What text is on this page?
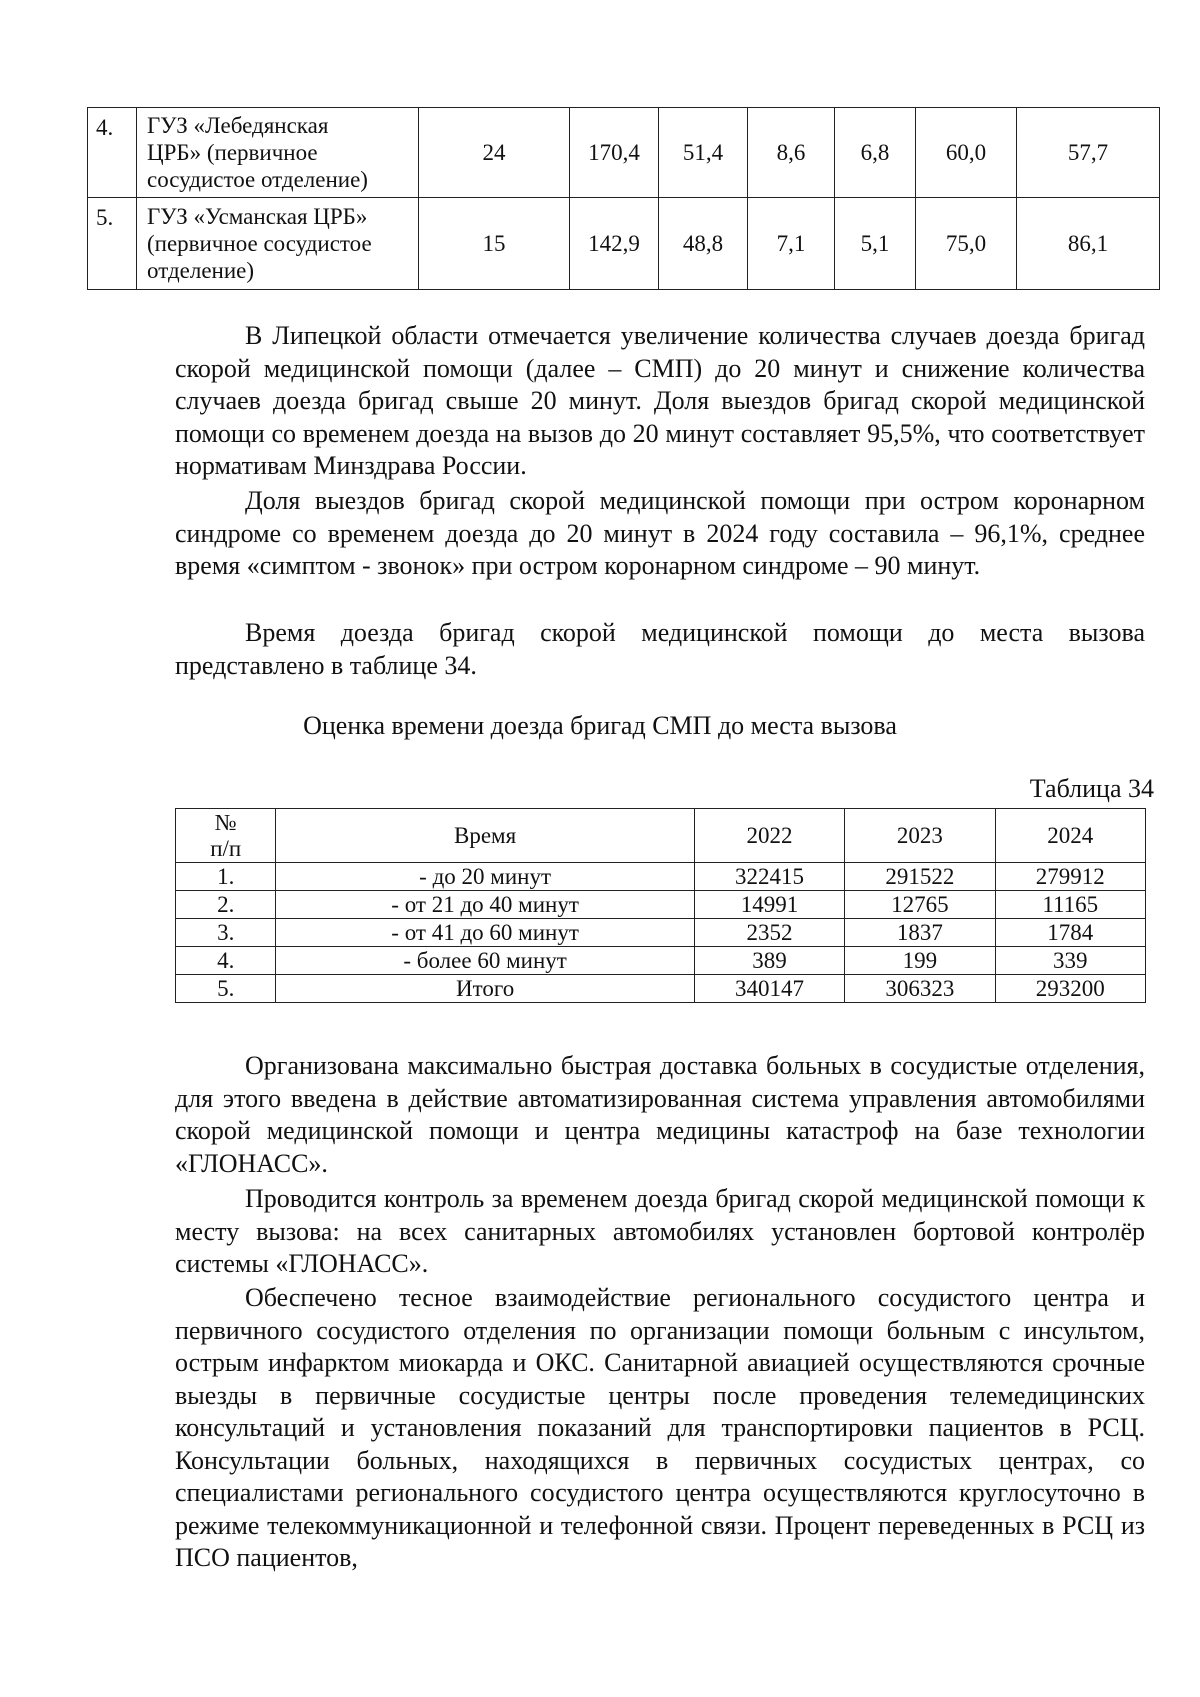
4.	ГУЗ «Лебедянская
ЦРБ» (первичное
сосудистое отделение)	24	170,4	51,4	8,6	6,8	60,0	57,7
5.	ГУЗ «Усманская ЦРБ»
(первичное сосудистое
отделение)	15	142,9	48,8	7,1	5,1	75,0	86,1

В Липецкой области отмечается увеличение количества случаев доезда бригад скорой медицинской помощи (далее – СМП) до 20 минут и снижение количества случаев доезда бригад свыше 20 минут. Доля выездов бригад скорой медицинской помощи со временем доезда на вызов до 20 минут составляет 95,5%, что соответствует нормативам Минздрава России.

Доля выездов бригад скорой медицинской помощи при остром коронарном синдроме со временем доезда до 20 минут в 2024 году составила – 96,1%, среднее время «симптом - звонок» при остром коронарном синдроме – 90 минут.

Время доезда бригад скорой медицинской помощи до места вызова представлено в таблице 34.

Оценка времени доезда бригад СМП до места вызова

Таблица 34

№
п/п	Время	2022	2023	2024
1.	- до 20 минут	322415	291522	279912
2.	- от 21 до 40 минут	14991	12765	11165
3.	- от 41 до 60 минут	2352	1837	1784
4.	- более 60 минут	389	199	339
5.	Итого	340147	306323	293200

Организована максимально быстрая доставка больных в сосудистые отделения, для этого введена в действие автоматизированная система управления автомобилями скорой медицинской помощи и центра медицины катастроф на базе технологии «ГЛОНАСС».

Проводится контроль за временем доезда бригад скорой медицинской помощи к месту вызова: на всех санитарных автомобилях установлен бортовой контролёр системы «ГЛОНАСС».

Обеспечено тесное взаимодействие регионального сосудистого центра и первичного сосудистого отделения по организации помощи больным с инсультом, острым инфарктом миокарда и ОКС. Санитарной авиацией осуществляются срочные выезды в первичные сосудистые центры после проведения телемедицинских консультаций и установления показаний для транспортировки пациентов в РСЦ. Консультации больных, находящихся в первичных сосудистых центрах, со специалистами регионального сосудистого центра осуществляются круглосуточно в режиме телекоммуникационной и телефонной связи. Процент переведенных в РСЦ из ПСО пациентов,
